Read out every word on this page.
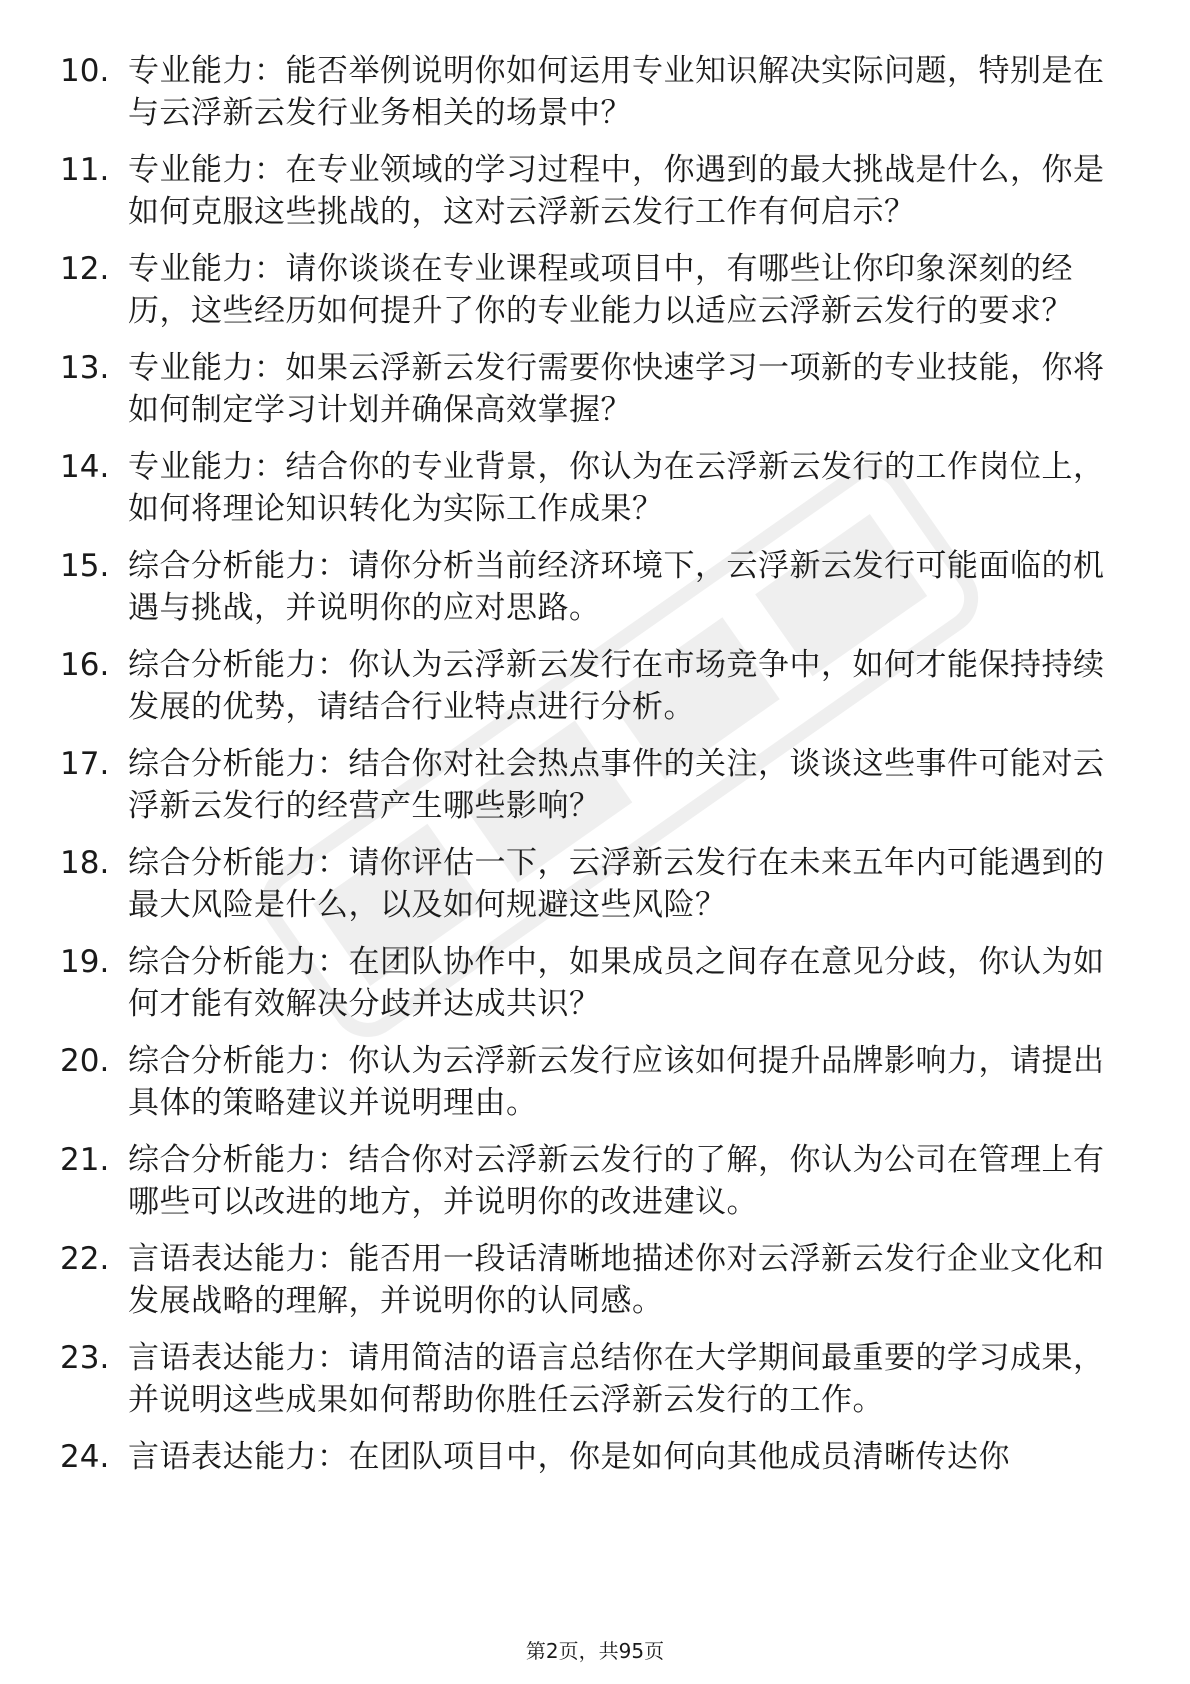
10. 专业能力：能否举例说明你如何运用专业知识解决实际问题，特别是在与云浮新云发行业务相关的场景中？
11. 专业能力：在专业领域的学习过程中，你遇到的最大挑战是什么，你是如何克服这些挑战的，这对云浮新云发行工作有何启示？
12. 专业能力：请你谈谈在专业课程或项目中，有哪些让你印象深刻的经历，这些经历如何提升了你的专业能力以适应云浮新云发行的要求？
13. 专业能力：如果云浮新云发行需要你快速学习一项新的专业技能，你将如何制定学习计划并确保高效掌握？
14. 专业能力：结合你的专业背景，你认为在云浮新云发行的工作岗位上，如何将理论知识转化为实际工作成果？
15. 综合分析能力：请你分析当前经济环境下，云浮新云发行可能面临的机遇与挑战，并说明你的应对思路。
16. 综合分析能力：你认为云浮新云发行在市场竞争中，如何才能保持持续发展的优势，请结合行业特点进行分析。
17. 综合分析能力：结合你对社会热点事件的关注，谈谈这些事件可能对云浮新云发行的经营产生哪些影响？
18. 综合分析能力：请你评估一下，云浮新云发行在未来五年内可能遇到的最大风险是什么，以及如何规避这些风险？
19. 综合分析能力：在团队协作中，如果成员之间存在意见分歧，你认为如何才能有效解决分歧并达成共识？
20. 综合分析能力：你认为云浮新云发行应该如何提升品牌影响力，请提出具体的策略建议并说明理由。
21. 综合分析能力：结合你对云浮新云发行的了解，你认为公司在管理上有哪些可以改进的地方，并说明你的改进建议。
22. 言语表达能力：能否用一段话清晰地描述你对云浮新云发行企业文化和发展战略的理解，并说明你的认同感。
23. 言语表达能力：请用简洁的语言总结你在大学期间最重要的学习成果，并说明这些成果如何帮助你胜任云浮新云发行的工作。
24. 言语表达能力：在团队项目中，你是如何向其他成员清晰传达你
第2页，共95页
